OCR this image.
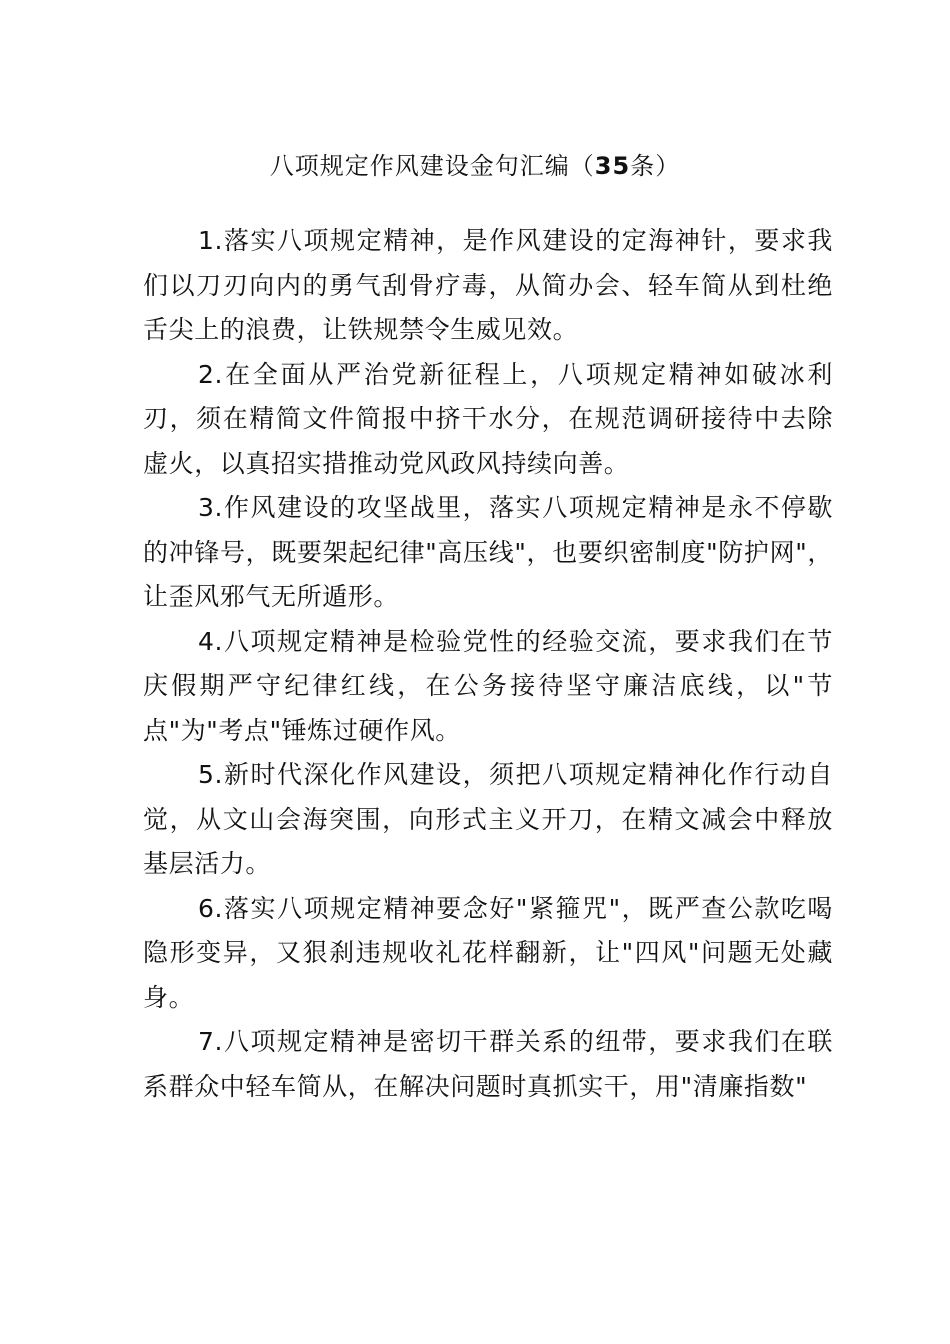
八项规定作风建设金句汇编（35条）

1.落实八项规定精神，是作风建设的定海神针，要求我们以刀刃向内的勇气刮骨疗毒，从简办会、轻车简从到杜绝舌尖上的浪费，让铁规禁令生威见效。

2.在全面从严治党新征程上，八项规定精神如破冰利刃，须在精简文件简报中挤干水分，在规范调研接待中去除虚火，以真招实措推动党风政风持续向善。

3.作风建设的攻坚战里，落实八项规定精神是永不停歇的冲锋号，既要架起纪律"高压线"，也要织密制度"防护网"，让歪风邪气无所遁形。

4.八项规定精神是检验党性的经验交流，要求我们在节庆假期严守纪律红线，在公务接待坚守廉洁底线，以"节点"为"考点"锤炼过硬作风。

5.新时代深化作风建设，须把八项规定精神化作行动自觉，从文山会海突围，向形式主义开刀，在精文减会中释放基层活力。

6.落实八项规定精神要念好"紧箍咒"，既严查公款吃喝隐形变异，又狠刹违规收礼花样翻新，让"四风"问题无处藏身。

7.八项规定精神是密切干群关系的纽带，要求我们在联系群众中轻车简从，在解决问题时真抓实干，用"清廉指数"
